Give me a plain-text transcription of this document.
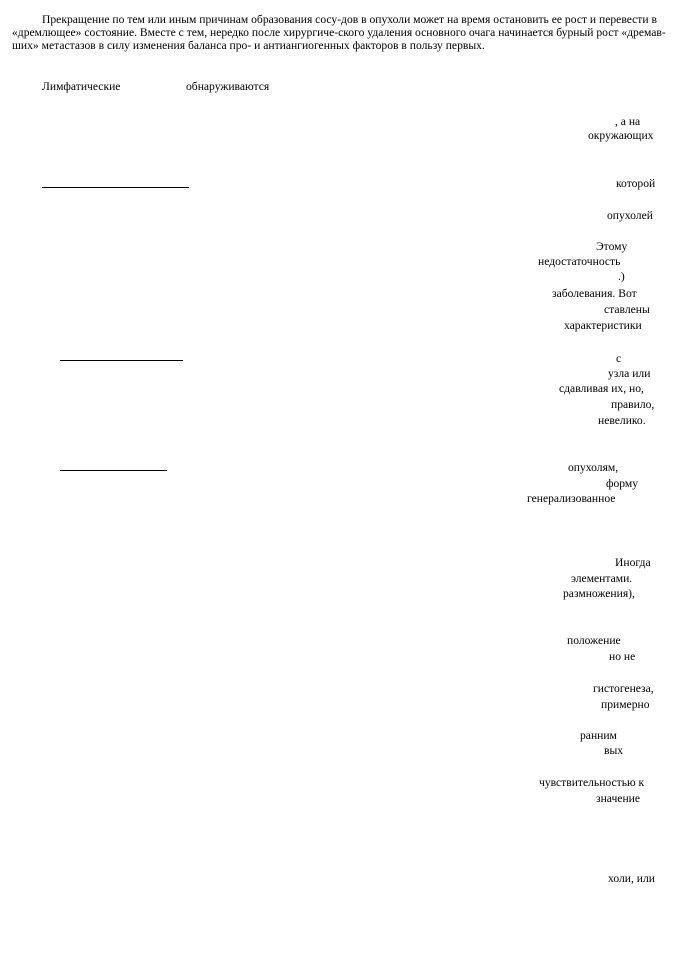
Прекращение по тем или иным причинам образования сосу-дов в опухоли может на время остановить ее рост и перевести в «дремлющее» состояние. Вместе с тем, нередко после хирургиче-ского удаления основного очага начинается бурный рост «дремав-ших» метастазов в силу изменения баланса про- и антиангиогенных факторов в пользу первых.

Лимфатические	обнаруживаются
, а на
окружающих
которой
опухолей
Этому
недостаточность
.)
заболевания. Вот
ставлены
характеристики
с
узла или
сдавливая их, но,
правило,
невелико.
опухолям,
форму
генерализованное
Иногда
элементами.
размножения),
положение
но не
гистогенеза,
примерно
ранним
вых
чувствительностью к
значение
холи, или
